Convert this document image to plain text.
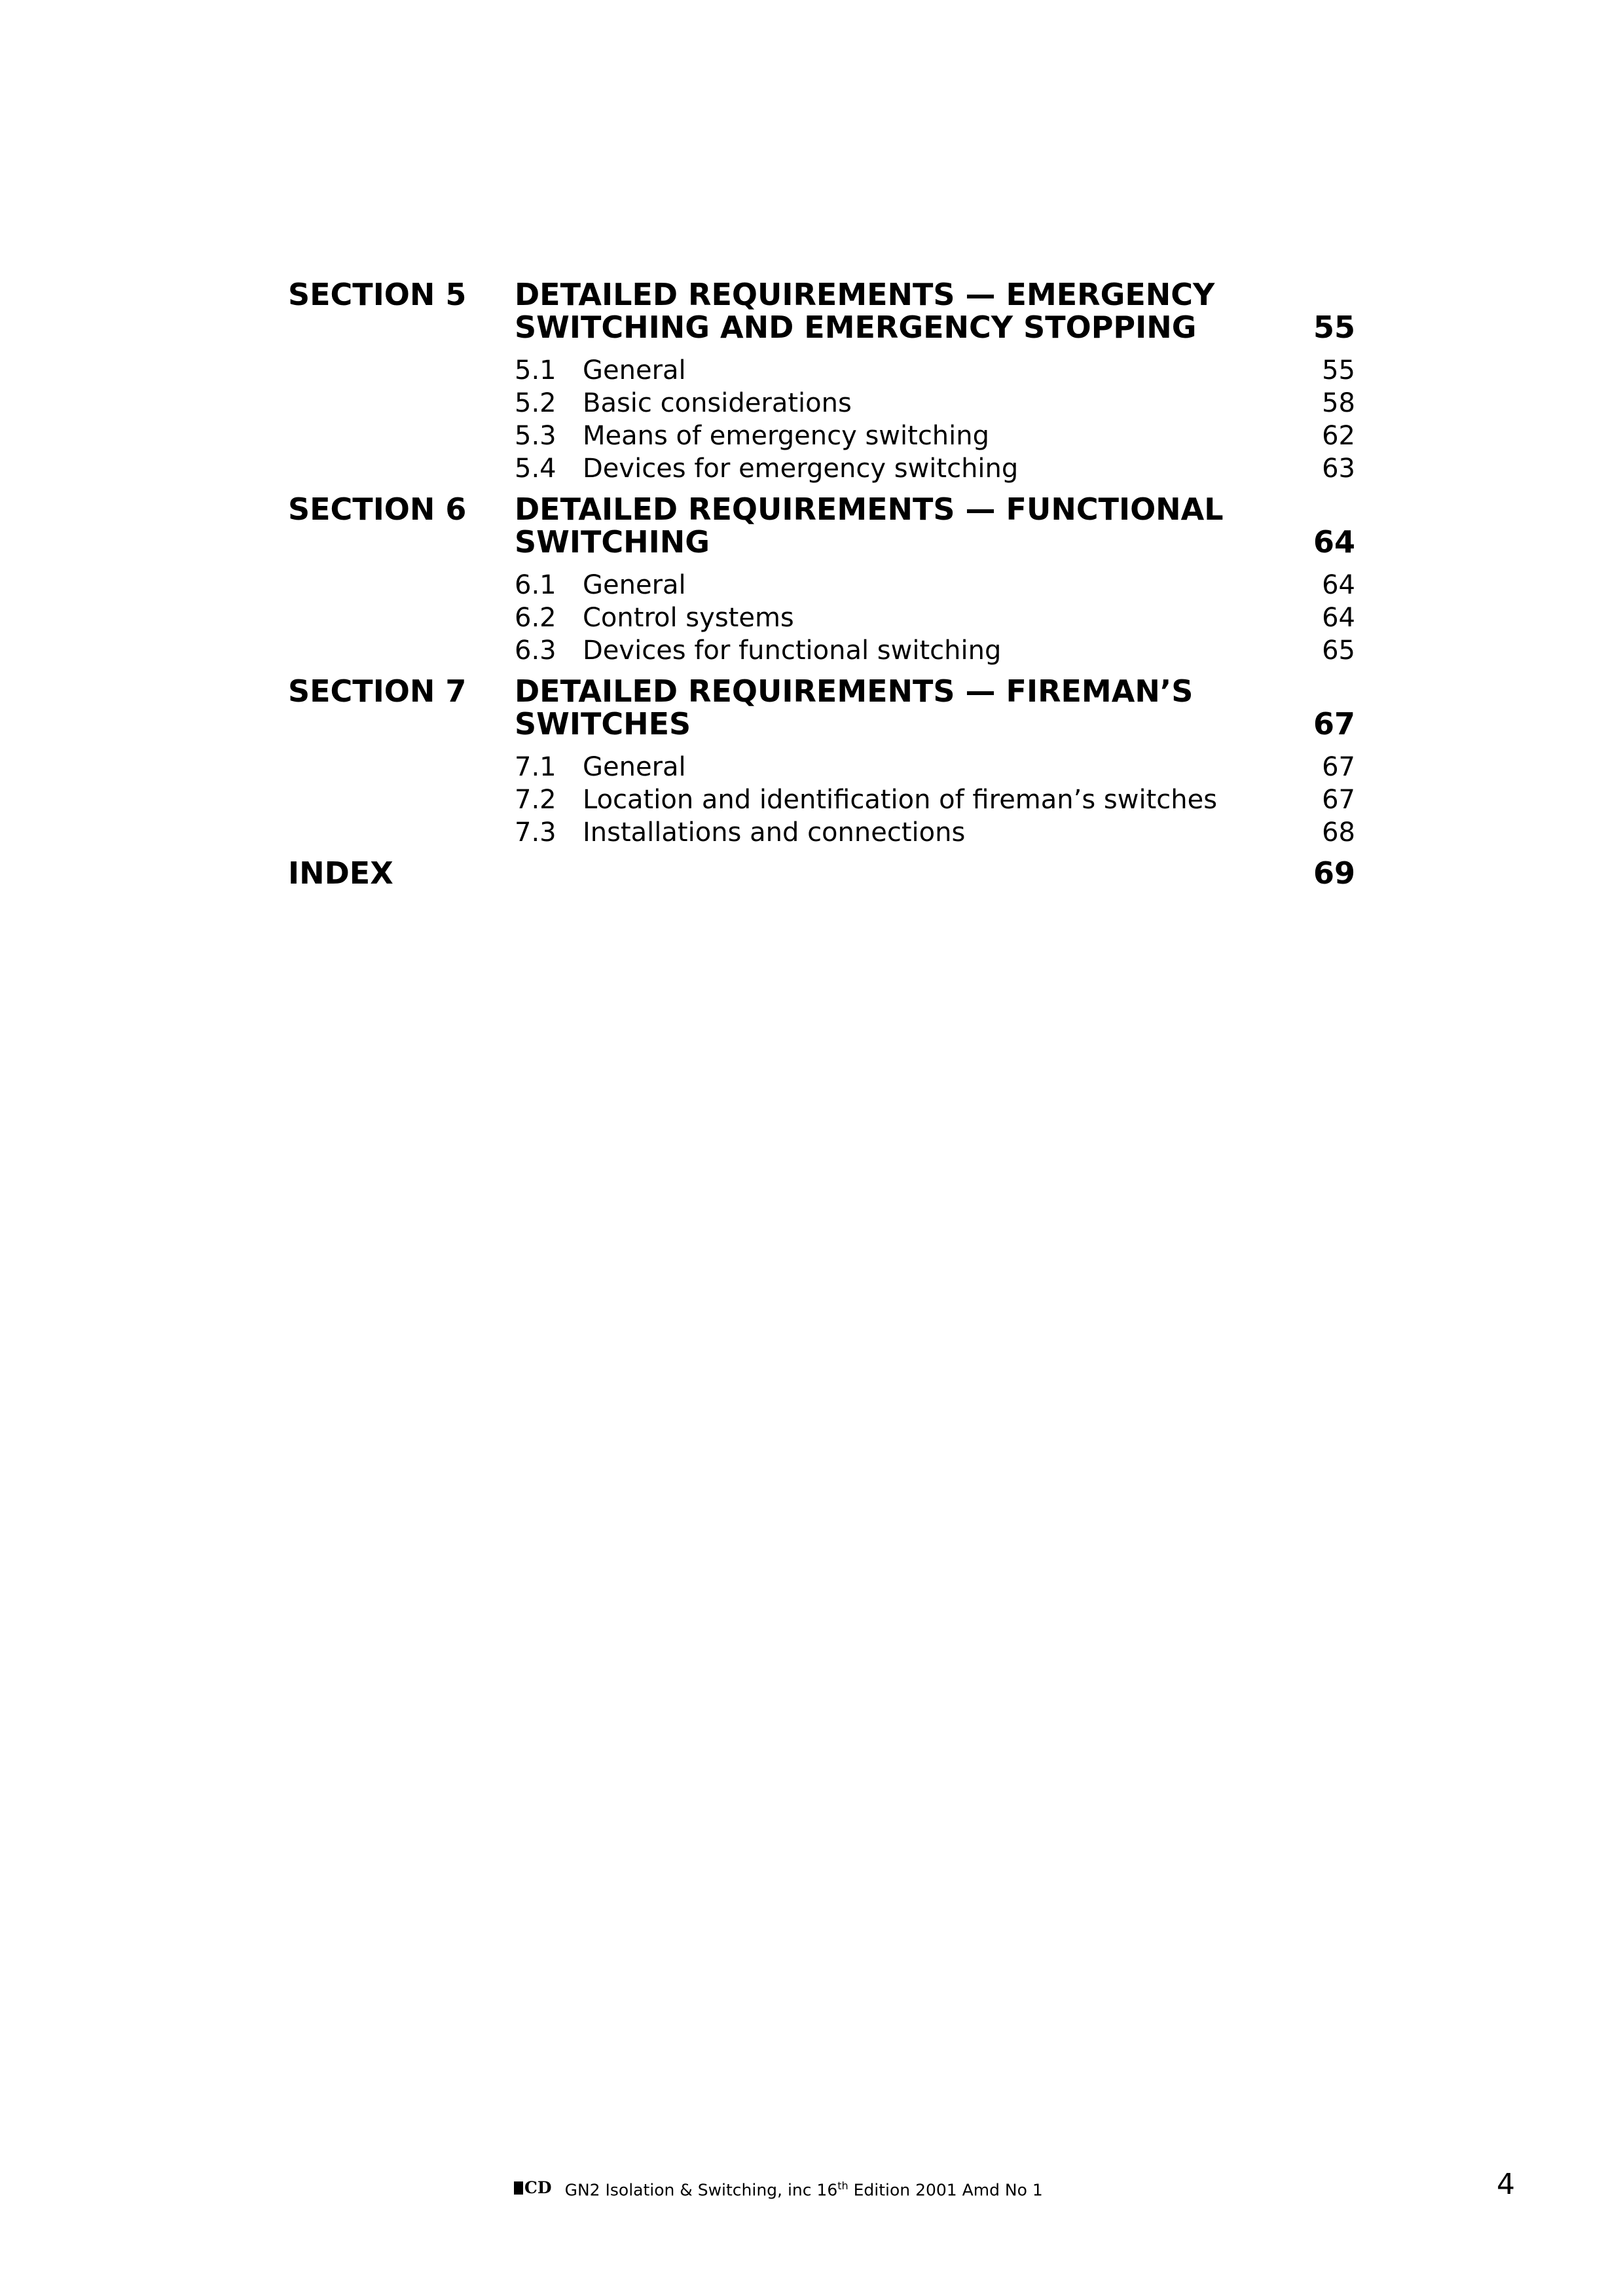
SECTION 5 DETAILED REQUIREMENTS — EMERGENCY
SWITCHING AND EMERGENCY STOPPING	55
5.1 General	55
5.2 Basic considerations	58
5.3 Means of emergency switching	62
5.4 Devices for emergency switching	63
SECTION 6 DETAILED REQUIREMENTS — FUNCTIONAL
SWITCHING	64
6.1 General	64
6.2 Control systems	64
6.3 Devices for functional switching	65
SECTION 7 DETAILED REQUIREMENTS — FIREMAN’S
SWITCHES	67
7.1 General	67
7.2 Location and identification of fireman’s switches	67
7.3 Installations and connections	68
INDEX	69
CD GN2 Isolation & Switching, inc 16th Edition 2001 Amd No 1	4
